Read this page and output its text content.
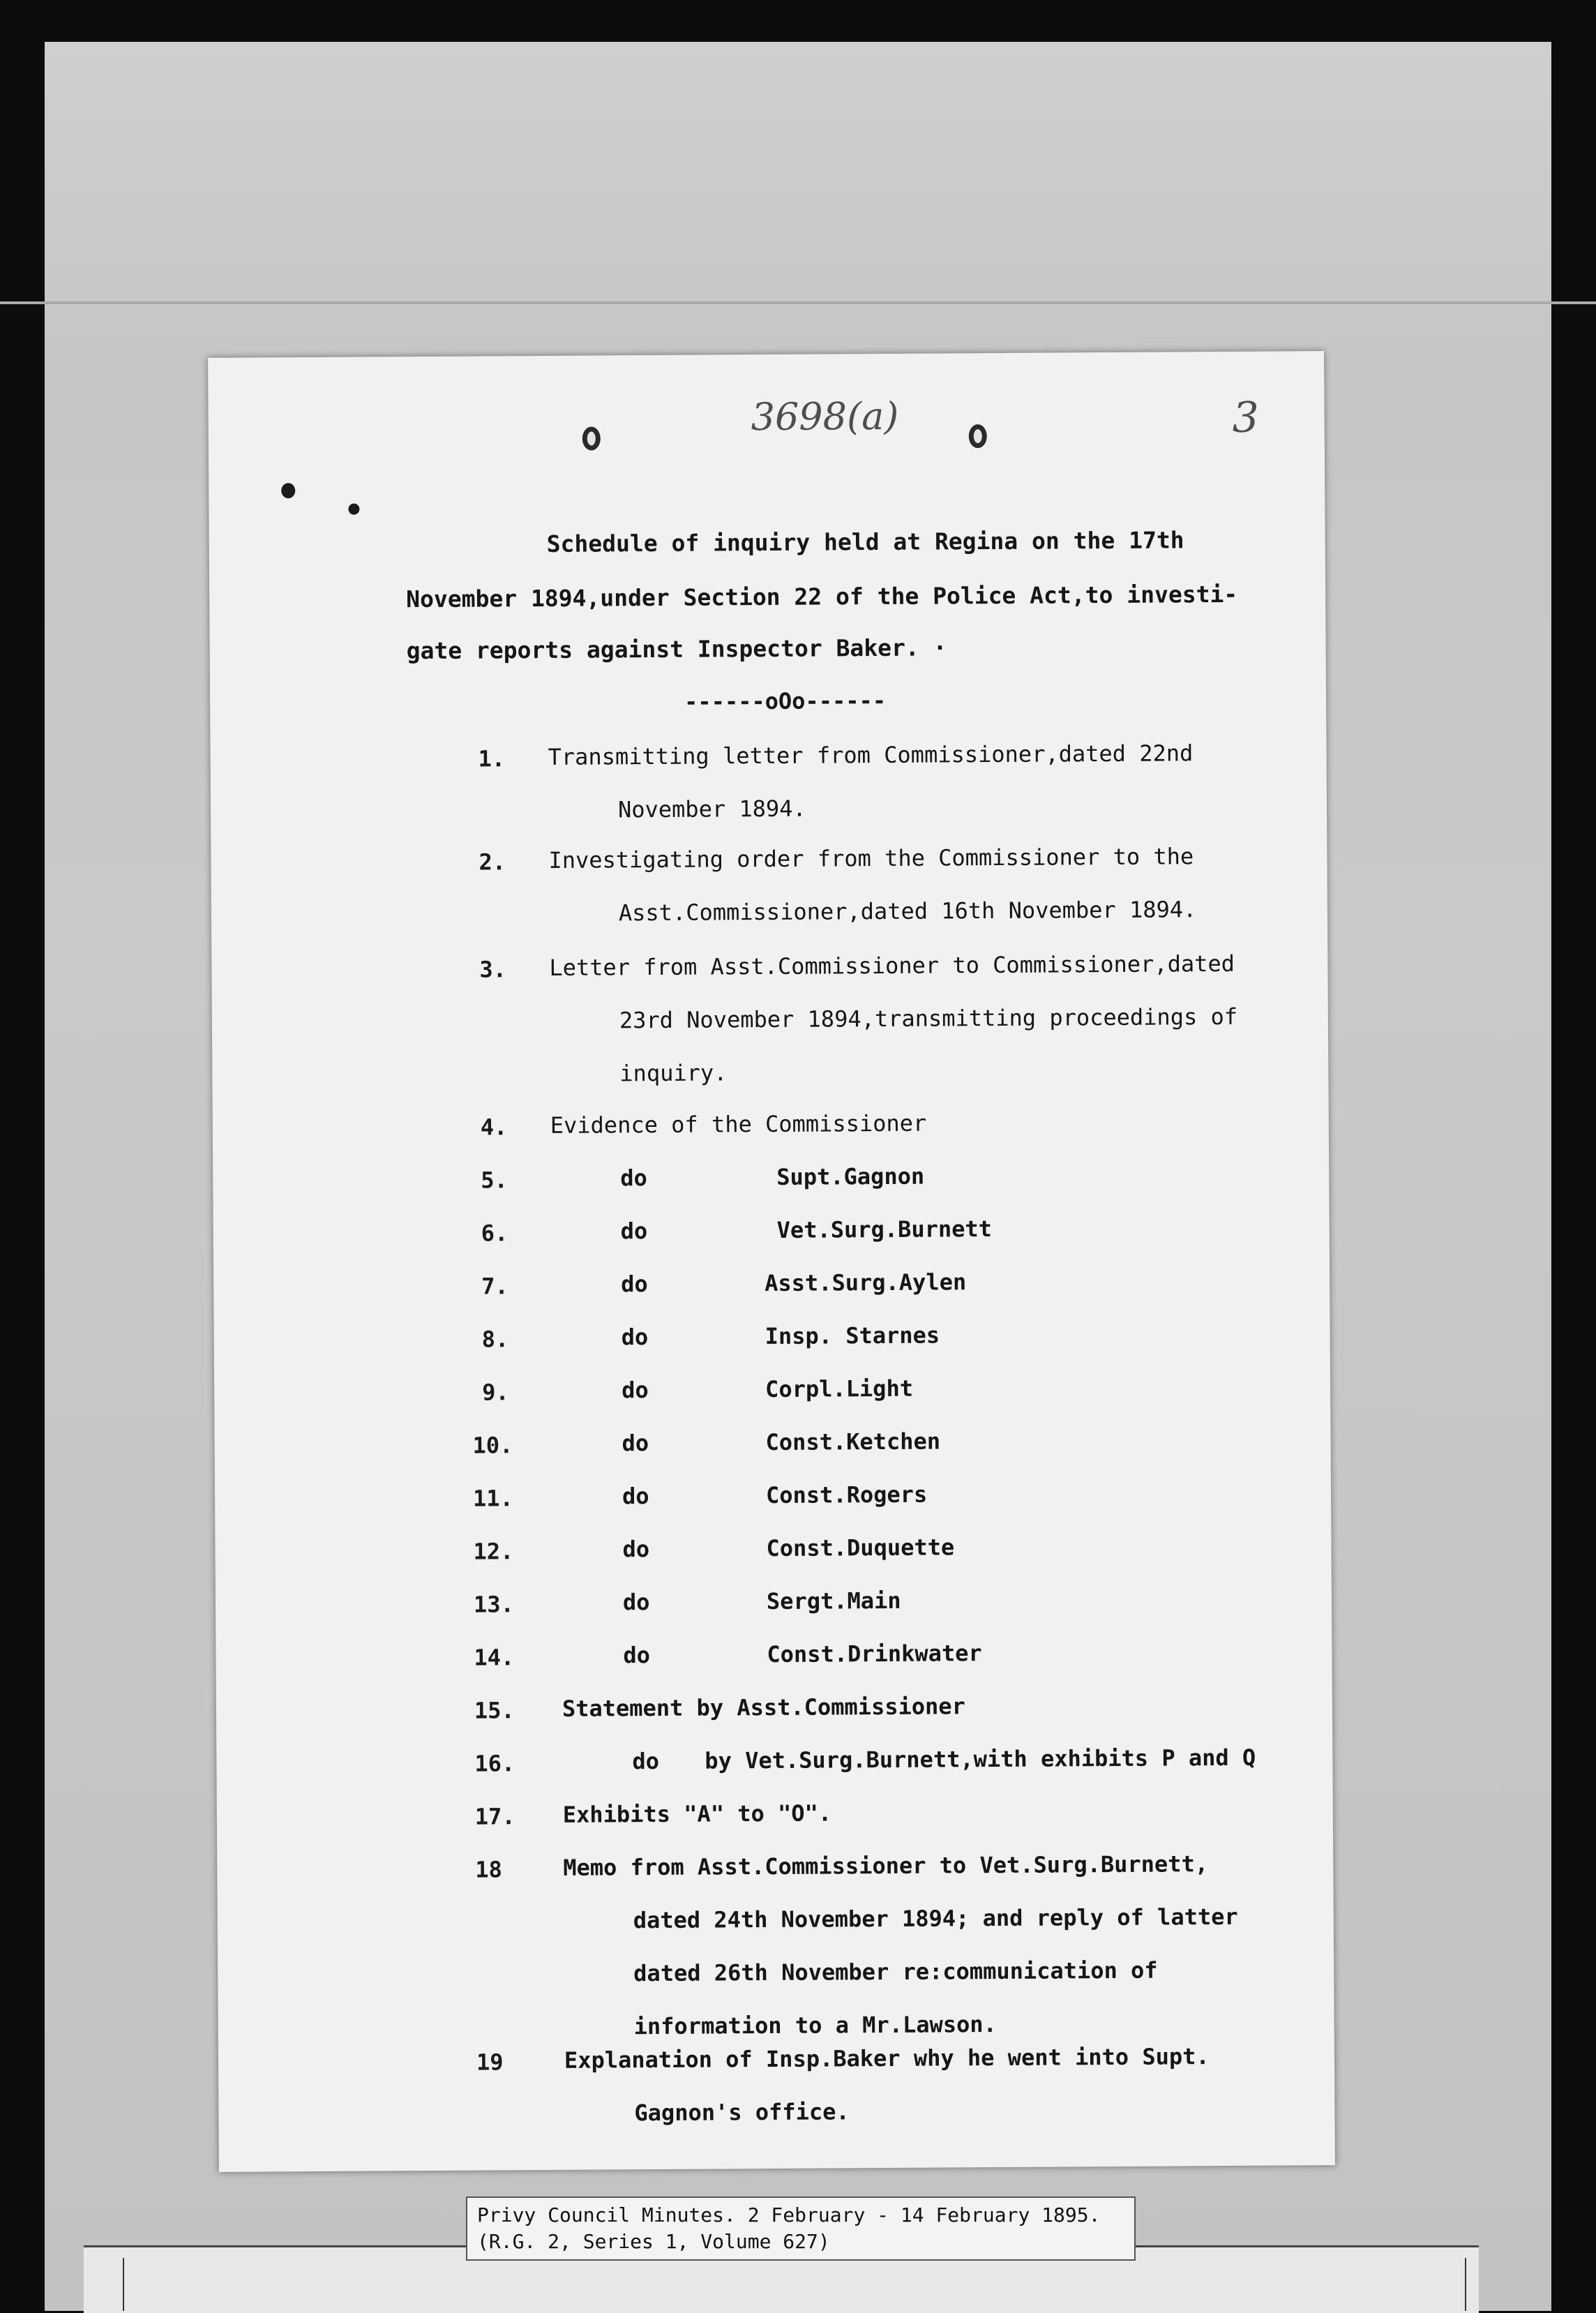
3698(a)	3
Schedule of inquiry held at Regina on the 17th
November 1894,under Section 22 of the Police Act,to investi-
gate reports against Inspector Baker. ·
------oOo------
1. Transmitting letter from Commissioner,dated 22nd
November 1894.
2. Investigating order from the Commissioner to the
Asst.Commissioner,dated 16th November 1894.
3. Letter from Asst.Commissioner to Commissioner,dated
23rd November 1894,transmitting proceedings of
inquiry.
4. Evidence of the Commissioner
5.	do	Supt.Gagnon
6.	do	Vet.Surg.Burnett
7.	do	Asst.Surg.Aylen
8.	do	Insp. Starnes
9.	do	Corpl.Light
10.	do	Const.Ketchen
11.	do	Const.Rogers
12.	do	Const.Duquette
13.	do	Sergt.Main
14.	do	Const.Drinkwater
15. Statement by Asst.Commissioner
16.	do by Vet.Surg.Burnett,with exhibits P and Q
17. Exhibits "A" to "O".
18	Memo from Asst.Commissioner to Vet.Surg.Burnett,
dated 24th November 1894; and reply of latter
dated 26th November re:communication of
information to a Mr.Lawson.
19	Explanation of Insp.Baker why he went into Supt.
Gagnon's office.
Privy Council Minutes. 2 February - 14 February 1895.
(R.G. 2, Series 1, Volume 627)
